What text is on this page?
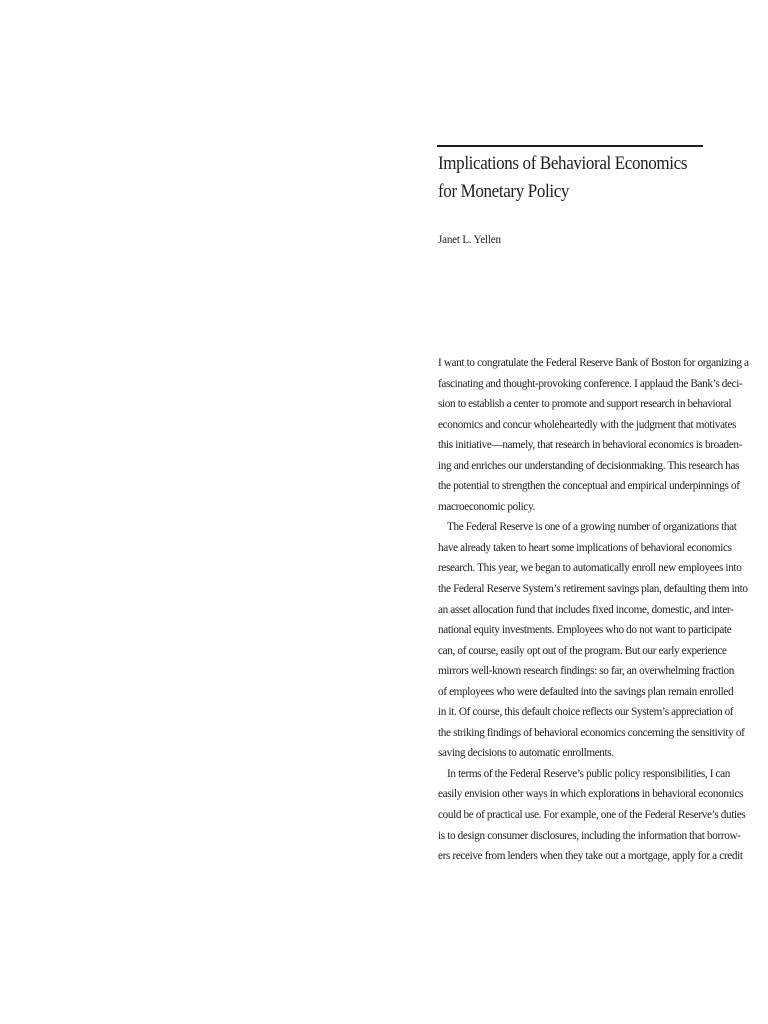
Implications of Behavioral Economics
for Monetary Policy

Janet L. Yellen

I want to congratulate the Federal Reserve Bank of Boston for organizing a
fascinating and thought-provoking conference. I applaud the Bank’s deci-
sion to establish a center to promote and support research in behavioral
economics and concur wholeheartedly with the judgment that motivates
this initiative—namely, that research in behavioral economics is broaden-
ing and enriches our understanding of decisionmaking. This research has
the potential to strengthen the conceptual and empirical underpinnings of
macroeconomic policy.
The Federal Reserve is one of a growing number of organizations that
have already taken to heart some implications of behavioral economics
research. This year, we began to automatically enroll new employees into
the Federal Reserve System’s retirement savings plan, defaulting them into
an asset allocation fund that includes fixed income, domestic, and inter-
national equity investments. Employees who do not want to participate
can, of course, easily opt out of the program. But our early experience
mirrors well-known research findings: so far, an overwhelming fraction
of employees who were defaulted into the savings plan remain enrolled
in it. Of course, this default choice reflects our System’s appreciation of
the striking findings of behavioral economics concerning the sensitivity of
saving decisions to automatic enrollments.
In terms of the Federal Reserve’s public policy responsibilities, I can
easily envision other ways in which explorations in behavioral economics
could be of practical use. For example, one of the Federal Reserve’s duties
is to design consumer disclosures, including the information that borrow-
ers receive from lenders when they take out a mortgage, apply for a credit
